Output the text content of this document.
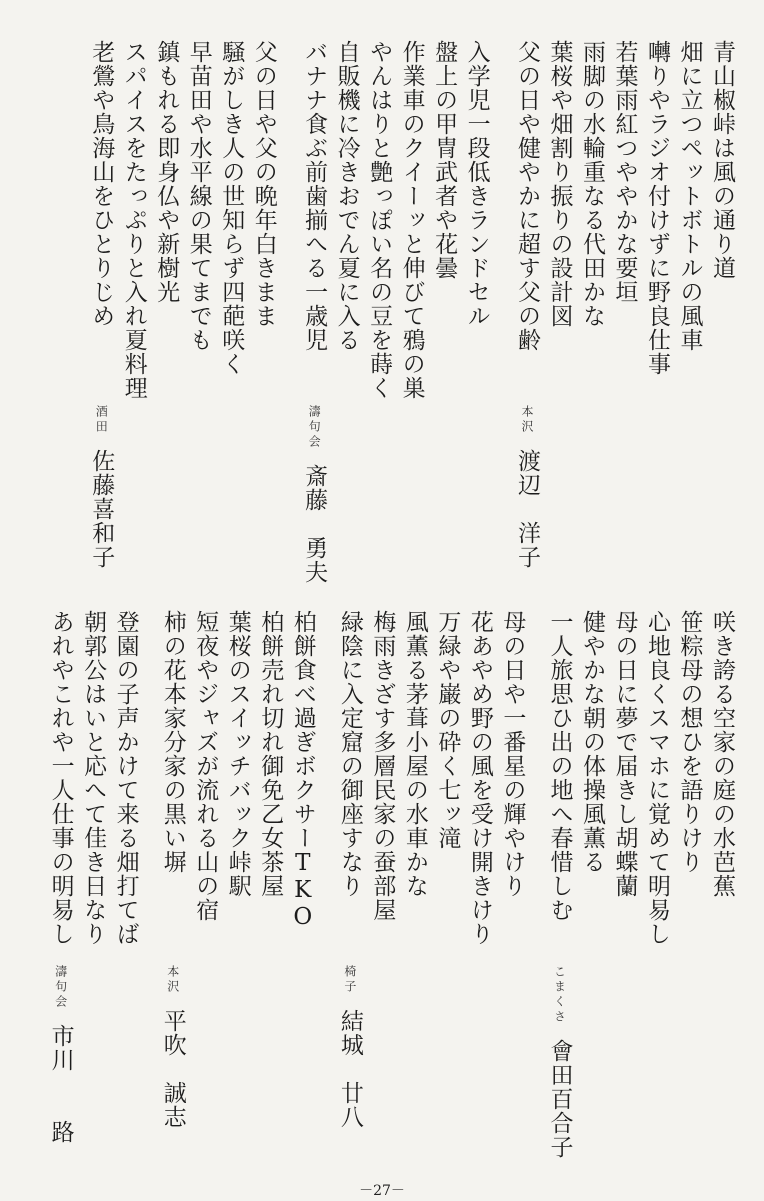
青山椒峠は風の通り道
畑に立つペットボトルの風車
囀りやラジオ付けずに野良仕事
若葉雨紅つややかな要垣
雨脚の水輪重なる代田かな
葉桜や畑割り振りの設計図
父の日や健やかに超す父の齢
本沢
渡辺　洋子
入学児一段低きランドセル
盤上の甲冑武者や花曇
作業車のクイーッと伸びて鴉の巣
やんはりと艶っぽい名の豆を蒔く
自販機に冷きおでん夏に入る
バナナ食ぶ前歯揃へる一歳児
濤句会
斎藤　勇夫
父の日や父の晩年白きまま
騒がしき人の世知らず四葩咲く
早苗田や水平線の果てまでも
鎮もれる即身仏や新樹光
スパイスをたっぷりと入れ夏料理
老鶯や鳥海山をひとりじめ
酒田
佐藤喜和子
咲き誇る空家の庭の水芭蕉
笹粽母の想ひを語りけり
心地良くスマホに覚めて明易し
母の日に夢で届きし胡蝶蘭
健やかな朝の体操風薫る
一人旅思ひ出の地へ春惜しむ
こまくさ
會田百合子
母の日や一番星の輝やけり
花あやめ野の風を受け開きけり
万緑や巌の砕く七ッ滝
風薫る茅葺小屋の水車かな
梅雨きざす多層民家の蚕部屋
緑陰に入定窟の御座すなり
椅子
結城　廿八
柏餅食べ過ぎボクサーTKO
柏餅売れ切れ御免乙女茶屋
葉桜のスイッチバック峠駅
短夜やジャズが流れる山の宿
柿の花本家分家の黒い塀
本沢
平吹　誠志
登園の子声かけて来る畑打てば
朝郭公はいと応へて佳き日なり
あれやこれや一人仕事の明易し
濤句会
市川　　路
－27－
